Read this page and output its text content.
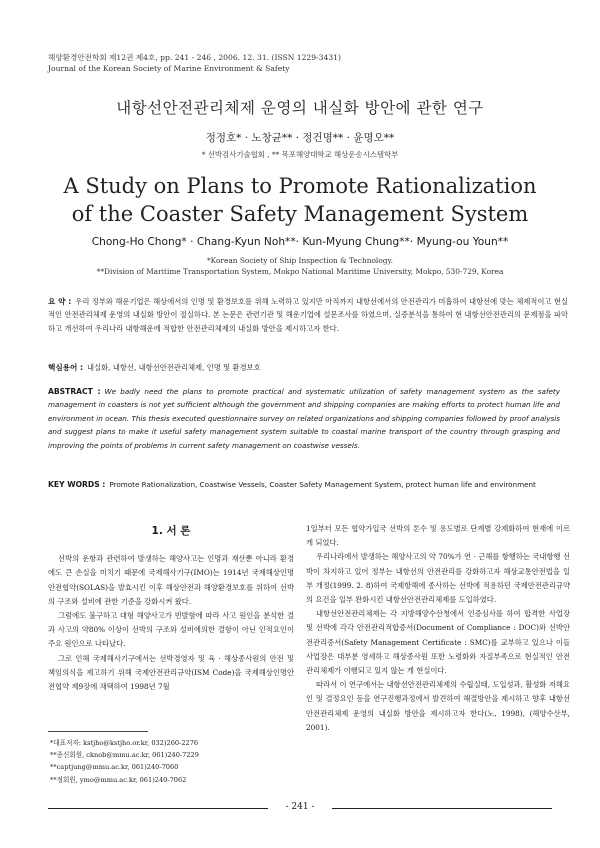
해양환경안전학회 제12권 제4호, pp. 241 - 246 , 2006. 12. 31. (ISSN 1229-3431)
Journal of the Korean Society of Marine Environment & Safety
내항선안전관리체제 운영의 내실화 방안에 관한 연구
정정호* · 노창균** · 정건명** · 윤명오**
* 선박검사기술협회 , ** 목포해양대학교 해상운송시스템학부
A Study on Plans to Promote Rationalization
of the Coaster Safety Management System
Chong-Ho Chong* · Chang-Kyun Noh**· Kun-Myung Chung**· Myung-ou Youn**
*Korean Society of Ship Inspection & Technology.
**Division of Maritime Transportation System, Mokpo National Maritime University, Mokpo, 530-729, Korea
요 약 : 우리 정부와 해운기업은 해상에서의 인명 및 환경보호를 위해 노력하고 있지만 아직까지 내항선에서의 안전관리가 미흡하여 내항선에 맞는 체제적이고 현실적인 안전관리체제 운영의 내실화 방안이 절실하다. 본 논문은 관련기관 및 해운기업에 설문조사를 하였으며, 실증분석을 통하여 현 내항선안전관리의 문제점을 파악하고 개선하여 우리나라 내항해운에 적합한 안전관리체제의 내실화 방안을 제시하고자 한다.
핵심용어 : 내실화, 내항선, 내항선안전관리체제, 인명 및 환경보호
ABSTRACT : We badly need the plans to promote practical and systematic utilization of safety management system as the safety management in coasters is not yet sufficient although the government and shipping companies are making efforts to protect human life and environment in ocean. This thesis executed questionnaire survey on related organizations and shipping companies followed by proof analysis and suggest plans to make it useful safety management system suitable to coastal marine transport of the country through grasping and improving the points of problems in current safety management on coastwise vessels.
KEY WORDS : Promote Rationalization, Coastwise Vessels, Coaster Safety Management System, protect human life and environment
1. 서 론

선박의 운항과 관련하여 발생하는 해양사고는 인명과 재산뿐 아니라 환경에도 큰 손실을 미치기 때문에 국제해사기구(IMO)는 1914년 국제해상인명안전협약(SOLAS)을 발효시킨 이후 해상안전과 해양환경보호를 위하여 선박의 구조와 설비에 관한 기준을 강화시켜 왔다.

그럼에도 불구하고 대형 해양사고가 빈발함에 따라 사고 원인을 분석한 결과 사고의 약80% 이상이 선박의 구조와 설비에의한 결함이 아닌 인적요인이 주요 원인으로 나타났다.

그로 인해 국제해사기구에서는 선박경영자 및 육 · 해상종사원의 안전 및 책임의식을 제고하기 위해 국제안전관리규약(ISM Code)을 국제해상인명안전협약 제9장에 채택하여 1998년 7월

1일부터 모든 협약가입국 선박의 톤수 및 용도별로 단계별 강제화하여 현재에 이르게 되었다.

우리나라에서 발생하는 해양사고의 약 70%가 연 · 근해를 항행하는 국내항행 선박이 차지하고 있어 정부는 내항선의 안전관리를 강화하고자 해상교통안전법을 일부 개정(1999. 2. 8)하여 국제항해에 종사하는 선박에 적용하던 국제안전관리규약의 요건을 일부 완화시킨 내항선안전관리체제를 도입하였다.

내항선안전관리체제는 각 지방해양수산청에서 인증심사를 하여 합격한 사업장 및 선박에 각각 안전관리적합증서(Document of Compliance : DOC)와 선박안전관리증서(Safety Management Certificate : SMC)를 교부하고 있으나 이들 사업장은 대부분 영세하고 해상종사원 또한 노령화와 자질부족으로 현실적인 안전관리체제가 이행되고 있지 않는 게 현실이다.

따라서 이 연구에서는 내항선안전관리체제의 수립실태, 도입성과, 활성화 저해요인 및 결정요인 등을 연구진행과정에서 발견하여 해결방안을 제시하고 향후 내항선안전관리체제 운영의 내실화 방안을 제시하고자 한다(노, 1998), (해양수산부, 2001).

*대표저자: kstjho@kstjho.or.kr, 032)260-2276
**종신회원, cknob@mmu.ac.kr, 061)240-7229
**captjung@mmu.ac.kr, 061)240-7060
**정회원, ymo@mmu.ac.kr, 061)240-7062
- 241 -
